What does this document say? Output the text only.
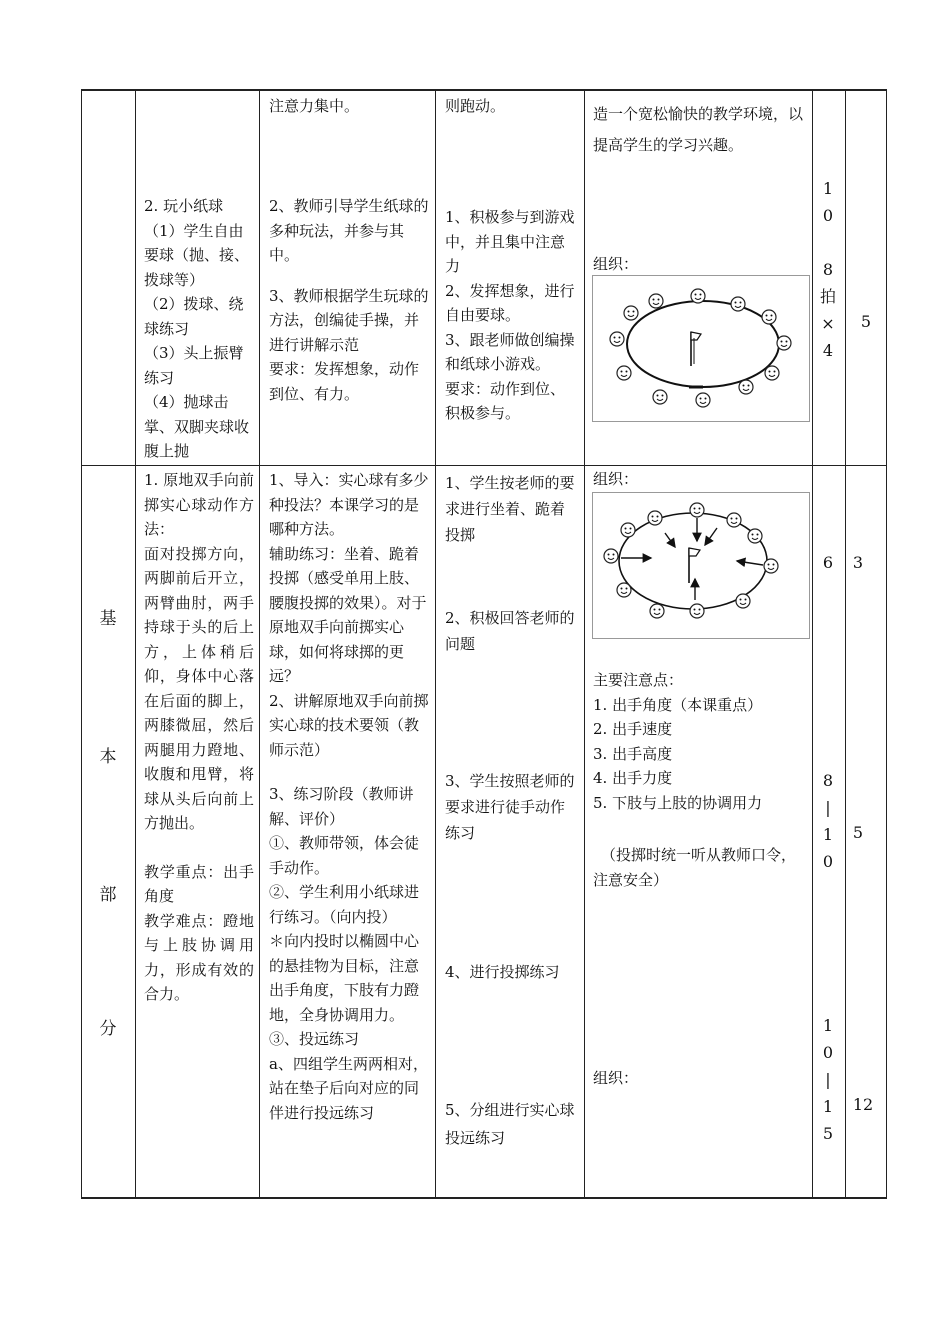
2. 玩小纸球

（1）学生自由要球（抛、接、拨球等）

（2）拨球、绕球练习

（3）头上振臂练习

（4）抛球击掌、双脚夹球收腹上抛

注意力集中。

2、教师引导学生纸球的多种玩法，并参与其中。

3、教师根据学生玩球的方法，创编徒手操，并进行讲解示范

要求：发挥想象，动作到位、有力。

则跑动。

1、积极参与到游戏中，并且集中注意力

2、发挥想象，进行自由要球。

3、跟老师做创编操和纸球小游戏。

要求：动作到位、积极参与。

造一个宽松愉快的教学环境，以提高学生的学习兴趣。
组织：
1
0
8
拍
×
4
5
基
本
部
分

1. 原地双手向前掷实心球动作方法：

面对投掷方向，两脚前后开立，两臂曲肘，两手持球于头的后上方，上体稍后仰，身体中心落在后面的脚上，两膝微屈，然后两腿用力蹬地、收腹和甩臂，将球从头后向前上方抛出。

教学重点：出手角度

教学难点：蹬地与上肢协调用力，形成有效的合力。

1、导入：实心球有多少种投法？本课学习的是哪种方法。

辅助练习：坐着、跪着投掷（感受单用上肢、腰腹投掷的效果）。对于原地双手向前掷实心球，如何将球掷的更远？

2、讲解原地双手向前掷实心球的技术要领（教师示范）

3、练习阶段（教师讲解、评价）

①、教师带领，体会徒手动作。

②、学生利用小纸球进行练习。（向内投）

＊向内投时以椭圆中心的悬挂物为目标，注意出手角度，下肢有力蹬地，全身协调用力。

③、投远练习

a、四组学生两两相对，站在垫子后向对应的同伴进行投远练习

1、学生按老师的要求进行坐着、跪着投掷
2、积极回答老师的问题
3、学生按照老师的要求进行徒手动作练习
4、进行投掷练习
5、分组进行实心球投远练习
组织：

主要注意点：

1. 出手角度（本课重点）

2. 出手速度

3. 出手高度

4. 出手力度

5. 下肢与上肢的协调用力

（投掷时统一听从教师口令，注意安全）
组织：
6
8
|
1
0
1
0
|
1
5
3
5
12
